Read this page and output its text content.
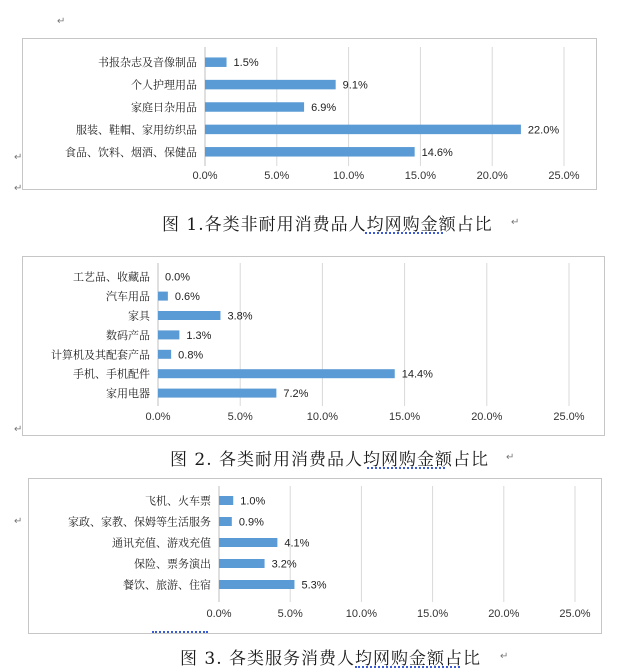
↵
↵
↵
↵
↵
0.0%	5.0%	10.0%	15.0%	20.0%	25.0%
书报杂志及音像制品	1.5%
个人护理用品	9.1%
家庭日杂用品	6.9%
服装、鞋帽、家用纺织品	22.0%
食品、饮料、烟酒、保健品	14.6%
图 1.各类非耐用消费品人均网购金额占比 ↵
0.0%	5.0%	10.0%	15.0%	20.0%	25.0%
工艺品、收藏品 0.0%
汽车用品 0.6%
家具	3.8%
数码产品	1.3%
计算机及其配套产品	0.8%
手机、手机配件	14.4%
家用电器	7.2%
图 2. 各类耐用消费品人均网购金额占比 ↵
0.0%	5.0%	10.0%	15.0%	20.0%	25.0%
飞机、火车票	1.0%
家政、家教、保姆等生活服务	0.9%
通讯充值、游戏充值	4.1%
保险、票务演出	3.2%
餐饮、旅游、住宿	5.3%
图 3. 各类服务消费人均网购金额占比 ↵
